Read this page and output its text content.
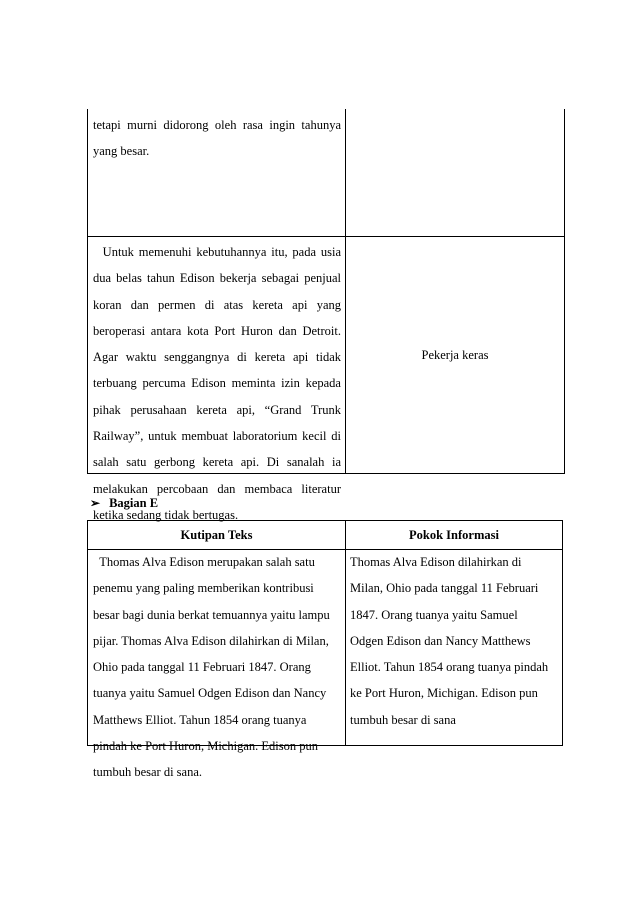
tetapi murni didorong oleh rasa ingin tahunya yang besar.

Untuk memenuhi kebutuhannya itu, pada usia dua belas tahun Edison bekerja sebagai penjual koran dan permen di atas kereta api yang beroperasi antara kota Port Huron dan Detroit. Agar waktu senggangnya di kereta api tidak terbuang percuma Edison meminta izin kepada pihak perusahaan kereta api, “Grand Trunk Railway”, untuk membuat laboratorium kecil di salah satu gerbong kereta api. Di sanalah ia melakukan percobaan dan membaca literatur ketika sedang tidak bertugas.

Pekerja keras

➢ Bagian E
Kutipan Teks	Pokok Informasi
Thomas Alva Edison merupakan salah satu
penemu yang paling memberikan kontribusi
besar bagi dunia berkat temuannya yaitu lampu
pijar. Thomas Alva Edison dilahirkan di Milan,
Ohio pada tanggal 11 Februari 1847. Orang
tuanya yaitu Samuel Odgen Edison dan Nancy
Matthews Elliot. Tahun 1854 orang tuanya
pindah ke Port Huron, Michigan. Edison pun
tumbuh besar di sana.
Thomas Alva Edison dilahirkan di
Milan, Ohio pada tanggal 11 Februari
1847. Orang tuanya yaitu Samuel
Odgen Edison dan Nancy Matthews
Elliot. Tahun 1854 orang tuanya pindah
ke Port Huron, Michigan. Edison pun
tumbuh besar di sana
